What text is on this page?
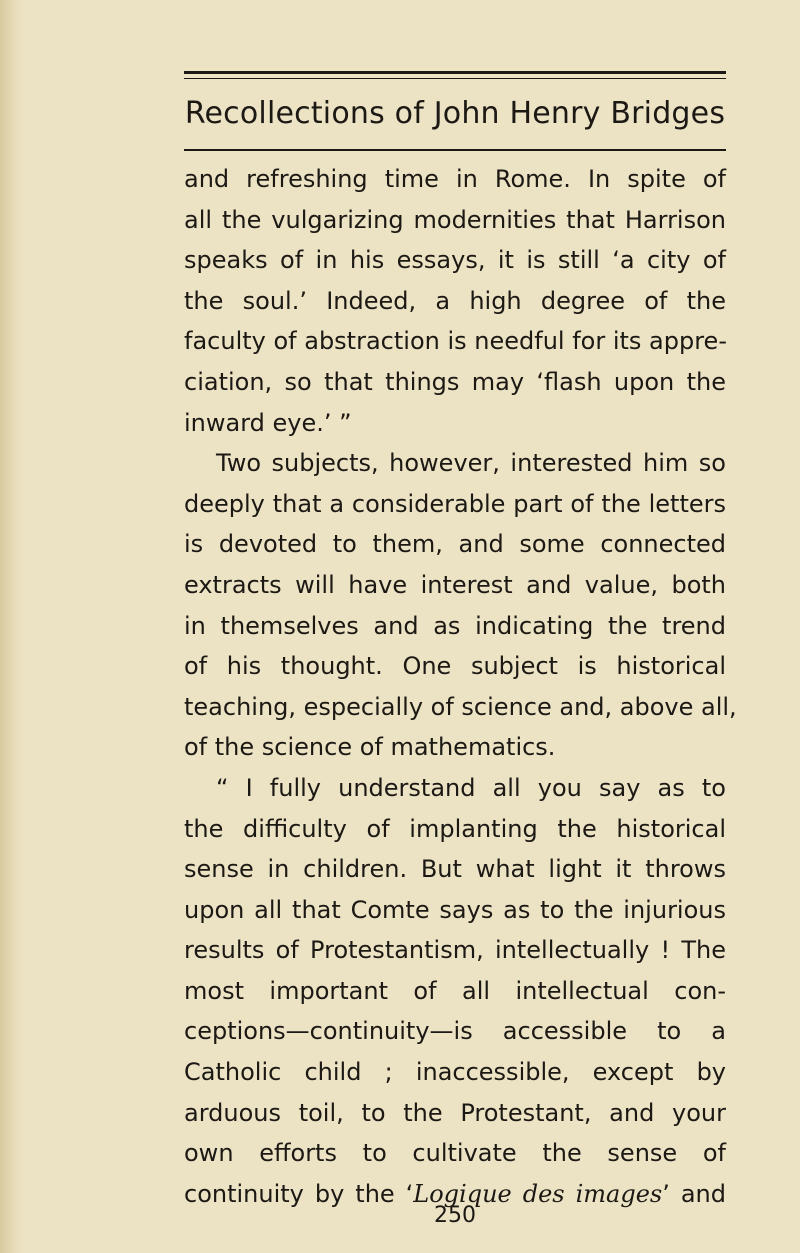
Recollections of John Henry Bridges
and refreshing time in Rome. In spite of
all the vulgarizing modernities that Harrison
speaks of in his essays, it is still ‘a city of
the soul.’ Indeed, a high degree of the
faculty of abstraction is needful for its appre-
ciation, so that things may ‘flash upon the
inward eye.’ ”
Two subjects, however, interested him so
deeply that a considerable part of the letters
is devoted to them, and some connected
extracts will have interest and value, both
in themselves and as indicating the trend
of his thought. One subject is historical
teaching, especially of science and, above all,
of the science of mathematics.
“ I fully understand all you say as to
the difficulty of implanting the historical
sense in children. But what light it throws
upon all that Comte says as to the injurious
results of Protestantism, intellectually ! The
most important of all intellectual con-
ceptions—continuity—is accessible to a
Catholic child ; inaccessible, except by
arduous toil, to the Protestant, and your
own efforts to cultivate the sense of
continuity by the ‘Logique des images’ and
250
